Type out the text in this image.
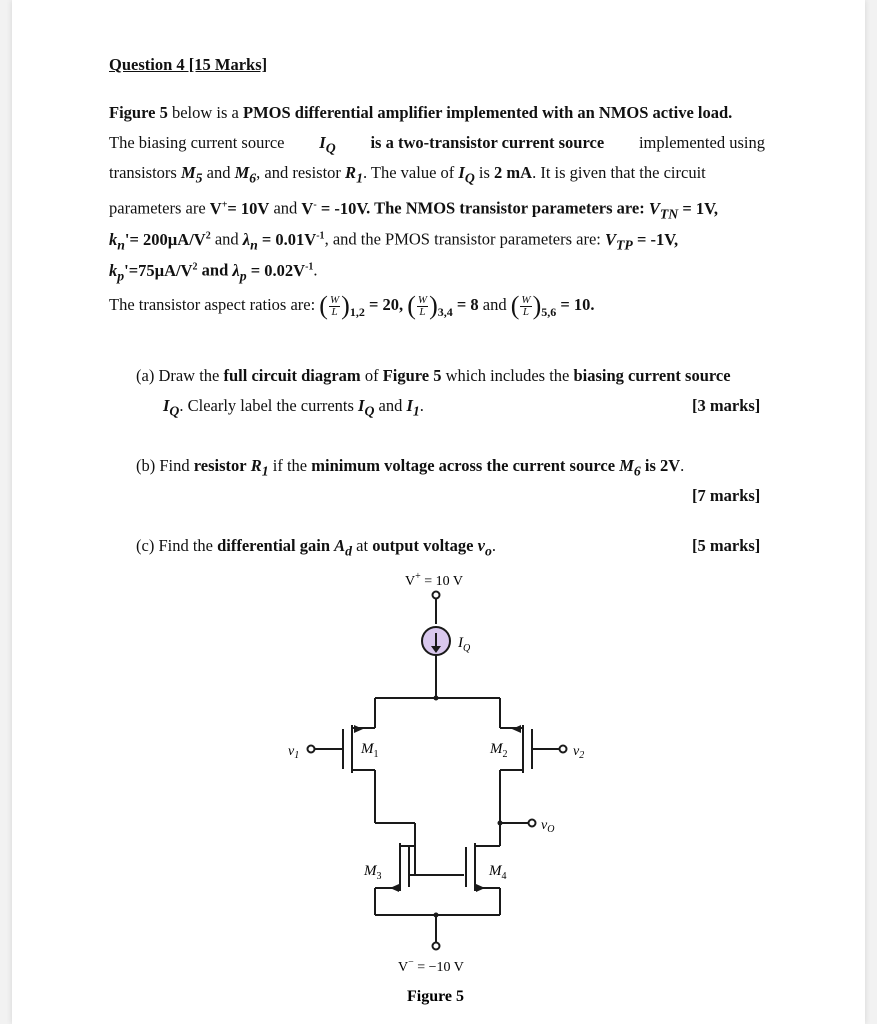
Question 4 [15 Marks]
Figure 5 below is a PMOS differential amplifier implemented with an NMOS active load.
The biasing current source $I_Q$ is a two-transistor current source implemented using
transistors $M_5$ and $M_6$, and resistor $R_1$. The value of $I_Q$ is 2 mA. It is given that the circuit
parameters are V+= 10V and V- = -10V. The NMOS transistor parameters are: $V_{TN} = 1V$,
$k_n'= 200\mu A/V^2$ and $\lambda_n = 0.01V^{-1}$, and the PMOS transistor parameters are: $V_{TP} = -1V$,
$k_p'=75\mu A/V^2$ and $\lambda_p = 0.02V^{-1}$.
The transistor aspect ratios are: ( $\frac{W}{L} )_{1,2} = 20$, ( $\frac{W}{L} )_{3,4} = 8$ and ( $\frac{W}{L} )_{5,6} = 10$.
(a) Draw the full circuit diagram of Figure 5 which includes the biasing current source
$I_Q$. Clearly label the currents $I_Q$ and $I_1$.	[3 marks]
(b) Find resistor $R_1$ if the minimum voltage across the current source $M_6$ is 2V.
[7 marks]
(c) Find the differential gain $A_d$ at output voltage $v_o$.	[5 marks]
V+ = 10 V
$I_Q$
$v_1$	$v_2$
$v_O$
$M_1$	$M_2$
$M_3$	$M_4$
V− = −10 V
Figure 5
